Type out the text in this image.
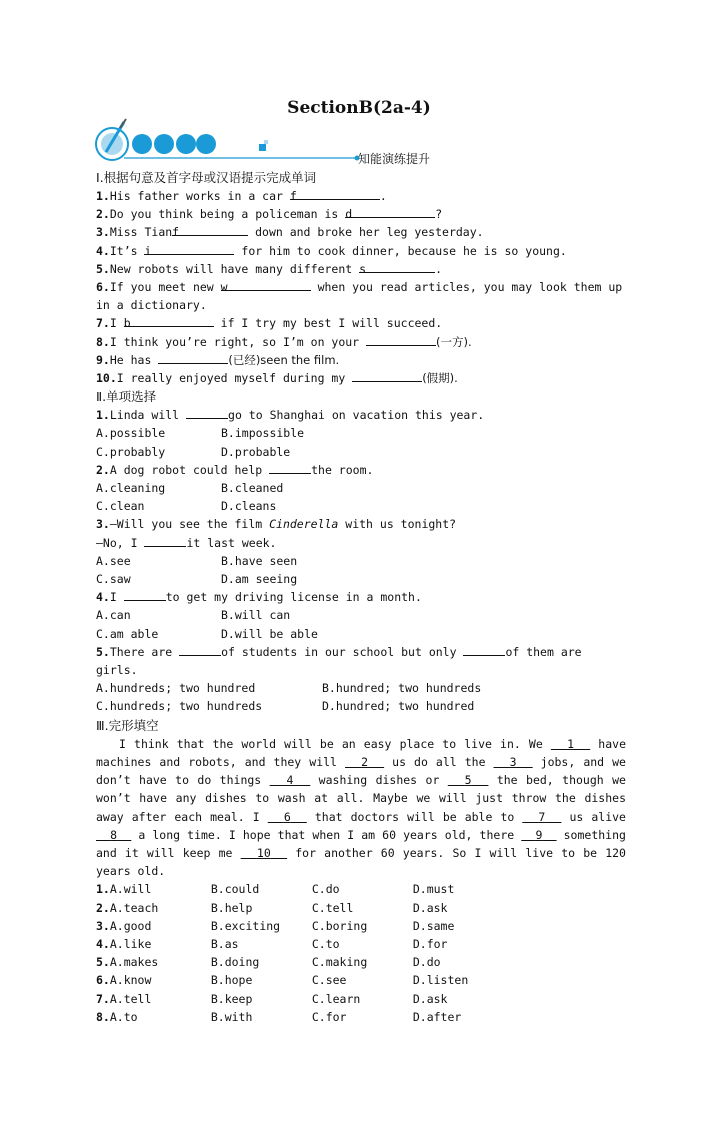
SectionB(2a-4)
知能演练提升
Ⅰ.根据句意及首字母或汉语提示完成单词
1.His father works in a car f	.
2.Do you think being a policeman is d	?
3.Miss Tianf	down and broke her leg yesterday.
4.It’s i	for him to cook dinner, because he is so young.
5.New robots will have many different s	.
6.If you meet new w	when you read articles, you may look them up in a dictionary.
7.I b	if I try my best I will succeed.
8.I think you’re right, so I’m on your	(一方).
9.He has	(已经)seen the film.
10.I really enjoyed myself during my	(假期).
Ⅱ.单项选择
1.Linda will	go to Shanghai on vacation this year.
A.possible	B.impossible
C.probably	D.probable
2.A dog robot could help	the room.
A.cleaning	B.cleaned
C.clean	D.cleans
3.—Will you see the film Cinderella with us tonight?
—No, I	it last week.
A.see	B.have seen
C.saw	D.am seeing
4.I	to get my driving license in a month.
A.can	B.will can
C.am able	D.will be able
5.There are	of students in our school but only	of them are girls.
A.hundreds; two hundred	B.hundred; two hundreds
C.hundreds; two hundreds	D.hundred; two hundred
Ⅲ.完形填空
I think that the world will be an easy place to live in. We   1   have machines and robots, and they will   2   us do all the   3   jobs, and we don’t have to do things   4   washing dishes or   5   the bed, though we won’t have any dishes to wash at all. Maybe we will just throw the dishes away after each meal. I   6   that doctors will be able to   7   us alive   8   a long time. I hope that when I am 60 years old, there   9   something and it will keep me   10   for another 60 years. So I will live to be 120 years old.
1.A.will	B.could	C.do	D.must
2.A.teach	B.help	C.tell	D.ask
3.A.good	B.exciting	C.boring	D.same
4.A.like	B.as	C.to	D.for
5.A.makes	B.doing	C.making	D.do
6.A.know	B.hope	C.see	D.listen
7.A.tell	B.keep	C.learn	D.ask
8.A.to	B.with	C.for	D.after
